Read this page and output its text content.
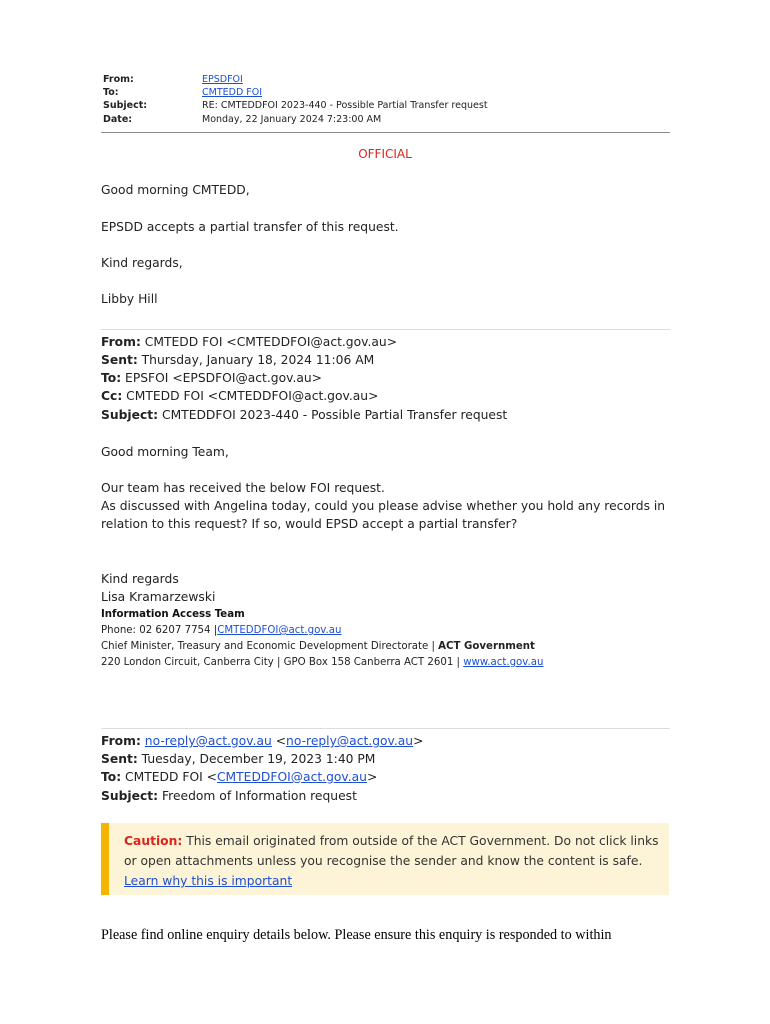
From:	EPSDFOI
To:	CMTEDD FOI
Subject:	RE: CMTEDDFOI 2023-440 - Possible Partial Transfer request
Date:	Monday, 22 January 2024 7:23:00 AM
OFFICIAL
Good morning CMTEDD,
EPSDD accepts a partial transfer of this request.
Kind regards,
Libby Hill
From: CMTEDD FOI <CMTEDDFOI@act.gov.au>
Sent: Thursday, January 18, 2024 11:06 AM
To: EPSFOI <EPSDFOI@act.gov.au>
Cc: CMTEDD FOI <CMTEDDFOI@act.gov.au>
Subject: CMTEDDFOI 2023-440 - Possible Partial Transfer request
Good morning Team,
Our team has received the below FOI request.
As discussed with Angelina today, could you please advise whether you hold any records in
relation to this request? If so, would EPSD accept a partial transfer?
Kind regards
Lisa Kramarzewski
Information Access Team
Phone: 02 6207 7754 |CMTEDDFOI@act.gov.au
Chief Minister, Treasury and Economic Development Directorate | ACT Government
220 London Circuit, Canberra City | GPO Box 158 Canberra ACT 2601 | www.act.gov.au
From: no-reply@act.gov.au <no-reply@act.gov.au>
Sent: Tuesday, December 19, 2023 1:40 PM
To: CMTEDD FOI <CMTEDDFOI@act.gov.au>
Subject: Freedom of Information request
Caution: This email originated from outside of the ACT Government. Do not click links or open attachments unless you recognise the sender and know the content is safe. Learn why this is important
Please find online enquiry details below. Please ensure this enquiry is responded to within
